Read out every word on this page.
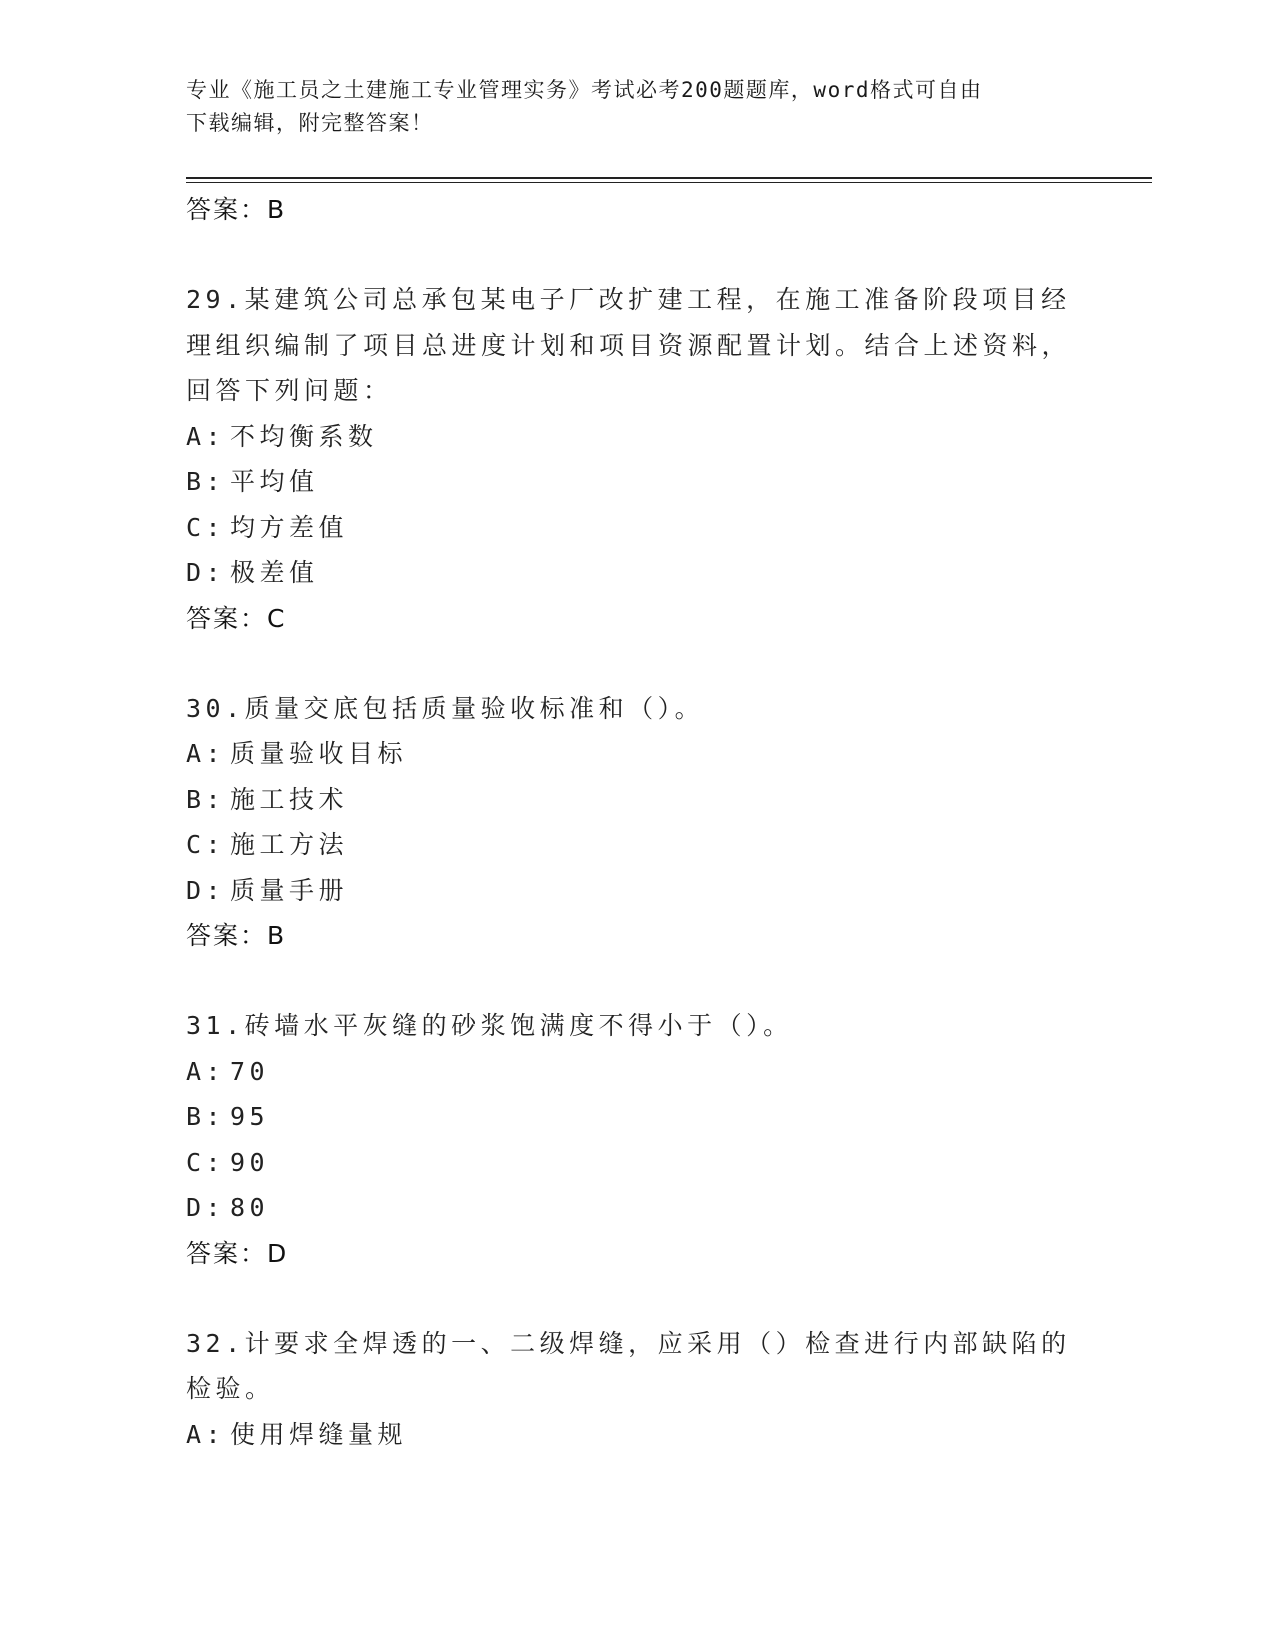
专业《施工员之土建施工专业管理实务》考试必考200题题库，word格式可自由
下载编辑，附完整答案！
答案：B
29.某建筑公司总承包某电子厂改扩建工程，在施工准备阶段项目经理组织编制了项目总进度计划和项目资源配置计划。结合上述资料，回答下列问题：
A: 不均衡系数
B: 平均值
C: 均方差值
D: 极差值
答案：C
30.质量交底包括质量验收标准和（）。
A: 质量验收目标
B: 施工技术
C: 施工方法
D: 质量手册
答案：B
31.砖墙水平灰缝的砂浆饱满度不得小于（）。
A: 70
B: 95
C: 90
D: 80
答案：D
32.计要求全焊透的一、二级焊缝，应采用（）检查进行内部缺陷的检验。
A: 使用焊缝量规
